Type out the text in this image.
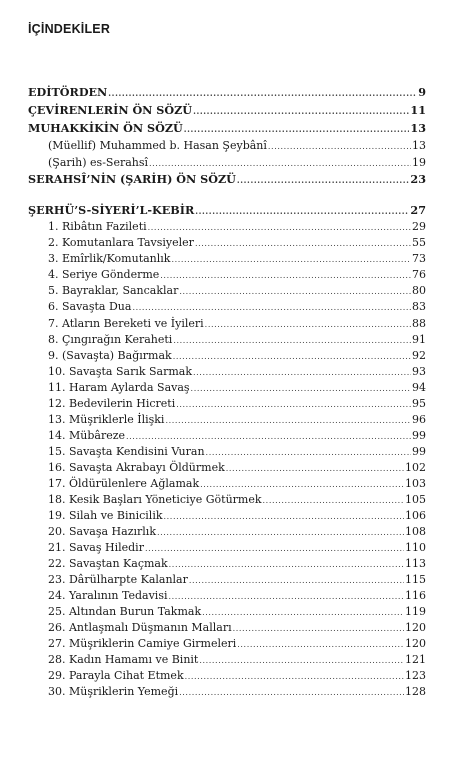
İÇİNDEKİLER
EDİTÖRDEN .....	9
ÇEVİRENLERİN ÖN SÖZÜ .....	11
MUHAKKİKİN ÖN SÖZÜ .....	13
(Müellif) Muhammed b. Hasan Şeybânî .....	13
(Şarih) es-Serahsî .....	19
SERAHSÎ’NİN (ŞARİH) ÖN SÖZÜ .....	23
ŞERHÜ’S-SİYERİ’L-KEBİR .....	27
1. Ribâtın Fazileti .....	29
2. Komutanlara Tavsiyeler .....	55
3. Emîrlik/Komutanlık .....	73
4. Seriye Gönderme .....	76
5. Bayraklar, Sancaklar .....	80
6. Savaşta Dua .....	83
7. Atların Bereketi ve İyileri .....	88
8. Çıngırağın Keraheti .....	91
9. (Savaşta) Bağırmak .....	92
10. Savaşta Sarık Sarmak .....	93
11. Haram Aylarda Savaş .....	94
12. Bedevilerin Hicreti .....	95
13. Müşriklerle İlişki .....	96
14. Mübâreze .....	99
15. Savaşta Kendisini Vuran .....	99
16. Savaşta Akrabayı Öldürmek .....	102
17. Öldürülenlere Ağlamak .....	103
18. Kesik Başları Yöneticiye Götürmek .....	105
19. Silah ve Binicilik .....	106
20. Savaşa Hazırlık .....	108
21. Savaş Hiledir .....	110
22. Savaştan Kaçmak .....	113
23. Dârülharpte Kalanlar .....	115
24. Yaralının Tedavisi .....	116
25. Altından Burun Takmak .....	119
26. Antlaşmalı Düşmanın Malları .....	120
27. Müşriklerin Camiye Girmeleri .....	120
28. Kadın Hamamı ve Binit .....	121
29. Parayla Cihat Etmek .....	123
30. Müşriklerin Yemeği .....	128
